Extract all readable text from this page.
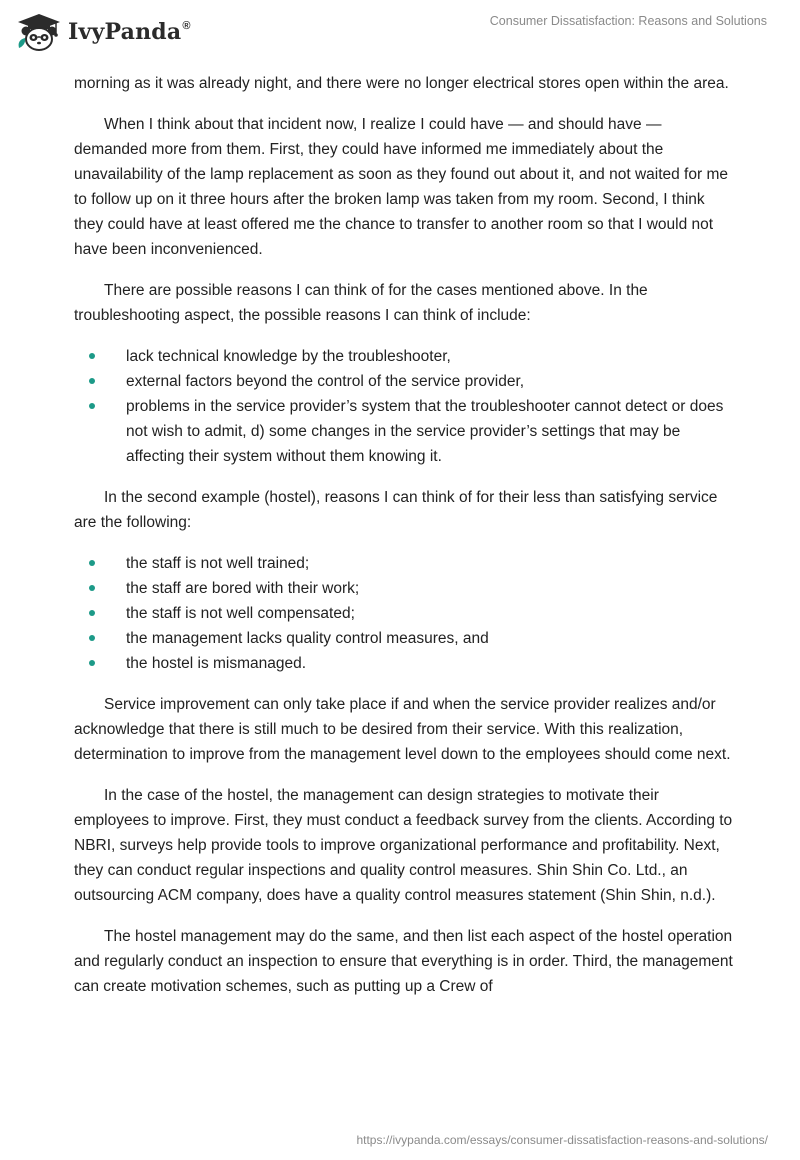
IvyPanda®	Consumer Dissatisfaction: Reasons and Solutions

morning as it was already night, and there were no longer electrical stores open within the area.

When I think about that incident now, I realize I could have — and should have — demanded more from them. First, they could have informed me immediately about the unavailability of the lamp replacement as soon as they found out about it, and not waited for me to follow up on it three hours after the broken lamp was taken from my room. Second, I think they could have at least offered me the chance to transfer to another room so that I would not have been inconvenienced.

There are possible reasons I can think of for the cases mentioned above. In the troubleshooting aspect, the possible reasons I can think of include:

lack technical knowledge by the troubleshooter,
external factors beyond the control of the service provider,
problems in the service provider’s system that the troubleshooter cannot detect or does not wish to admit, d) some changes in the service provider’s settings that may be affecting their system without them knowing it.

In the second example (hostel), reasons I can think of for their less than satisfying service are the following:

the staff is not well trained;
the staff are bored with their work;
the staff is not well compensated;
the management lacks quality control measures, and
the hostel is mismanaged.

Service improvement can only take place if and when the service provider realizes and/or acknowledge that there is still much to be desired from their service. With this realization, determination to improve from the management level down to the employees should come next.

In the case of the hostel, the management can design strategies to motivate their employees to improve. First, they must conduct a feedback survey from the clients. According to NBRI, surveys help provide tools to improve organizational performance and profitability. Next, they can conduct regular inspections and quality control measures. Shin Shin Co. Ltd., an outsourcing ACM company, does have a quality control measures statement (Shin Shin, n.d.).

The hostel management may do the same, and then list each aspect of the hostel operation and regularly conduct an inspection to ensure that everything is in order. Third, the management can create motivation schemes, such as putting up a Crew of

https://ivypanda.com/essays/consumer-dissatisfaction-reasons-and-solutions/
